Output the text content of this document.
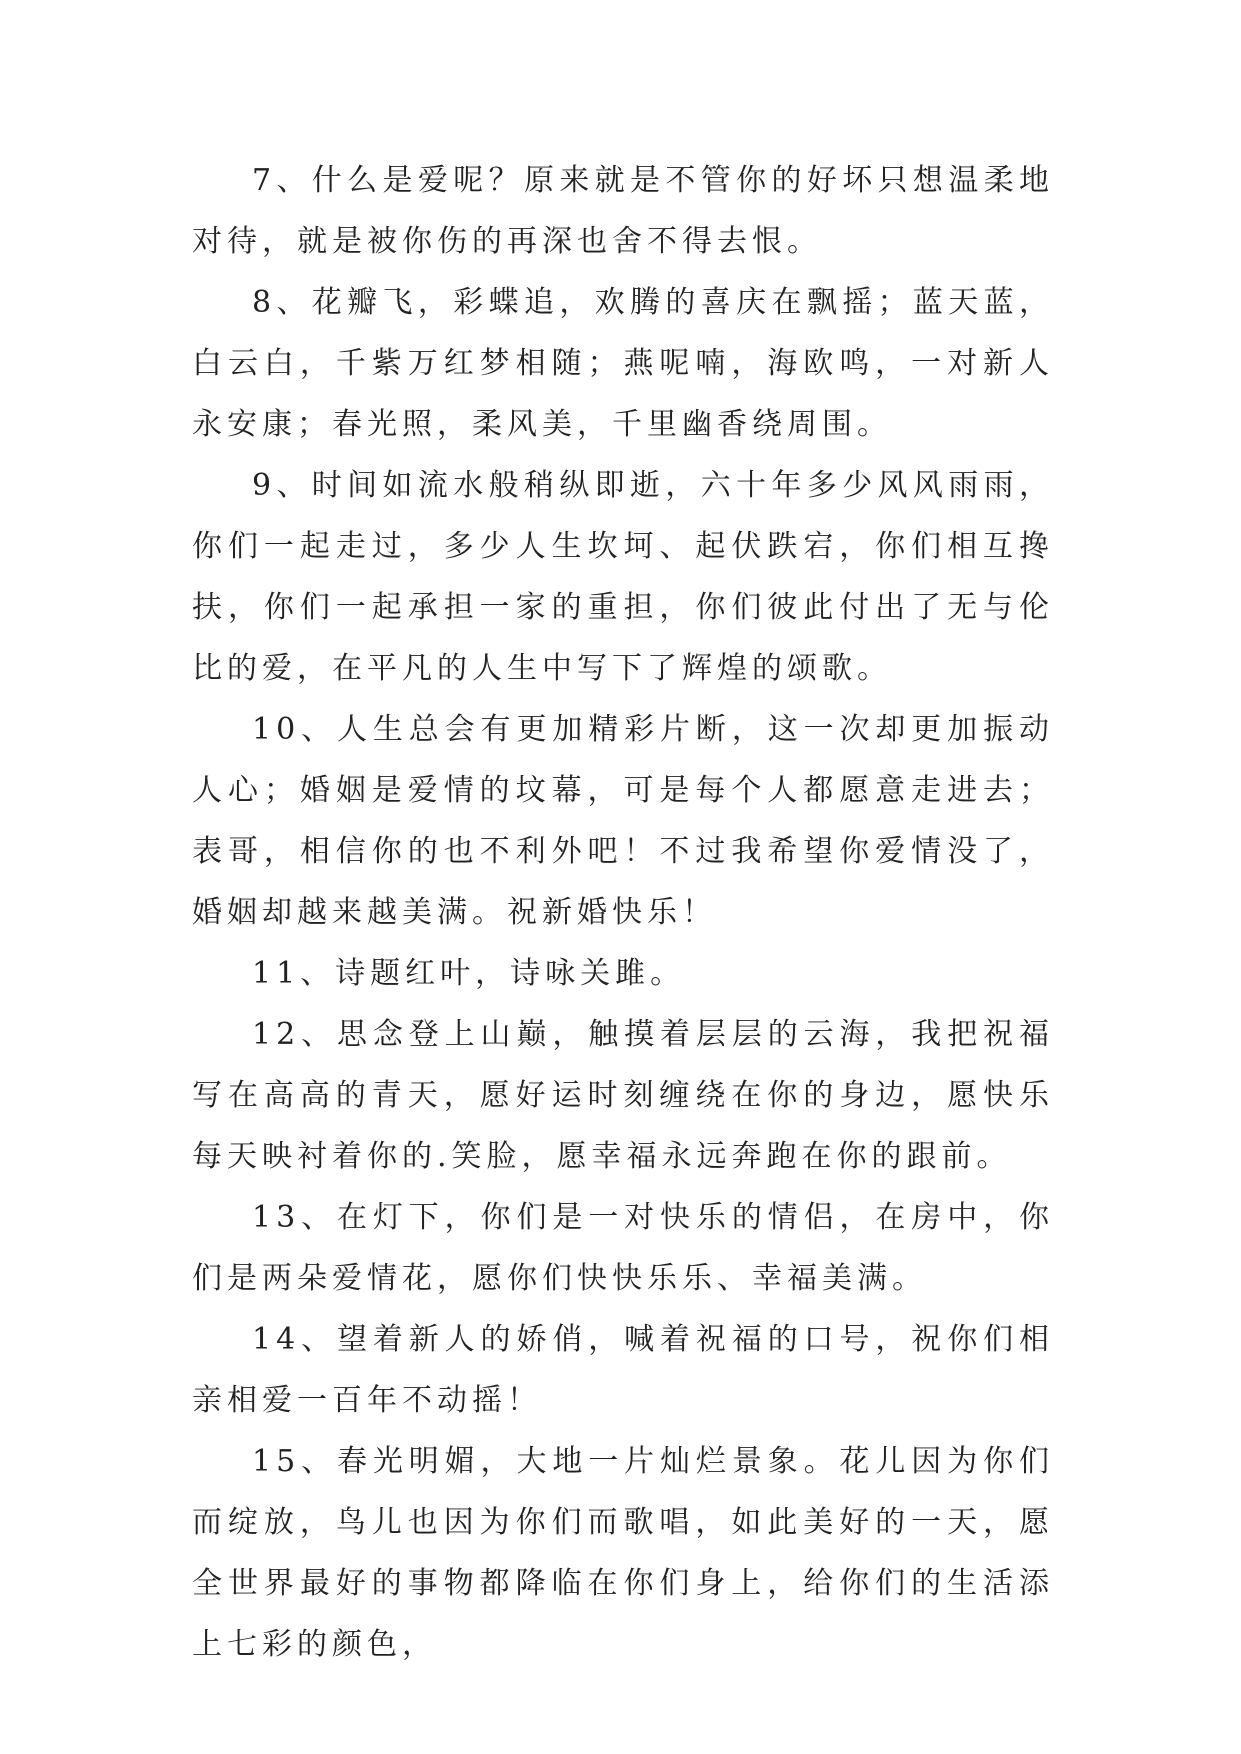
7、什么是爱呢？原来就是不管你的好坏只想温柔地对待，就是被你伤的再深也舍不得去恨。

8、花瓣飞，彩蝶追，欢腾的喜庆在飘摇；蓝天蓝，白云白，千紫万红梦相随；燕呢喃，海欧鸣，一对新人永安康；春光照，柔风美，千里幽香绕周围。

9、时间如流水般稍纵即逝，六十年多少风风雨雨，你们一起走过，多少人生坎坷、起伏跌宕，你们相互搀扶，你们一起承担一家的重担，你们彼此付出了无与伦比的爱，在平凡的人生中写下了辉煌的颂歌。

10、人生总会有更加精彩片断，这一次却更加振动人心；婚姻是爱情的坟幕，可是每个人都愿意走进去；表哥，相信你的也不利外吧！不过我希望你爱情没了，婚姻却越来越美满。祝新婚快乐！

11、诗题红叶，诗咏关雎。

12、思念登上山巅，触摸着层层的云海，我把祝福写在高高的青天，愿好运时刻缠绕在你的身边，愿快乐每天映衬着你的.笑脸，愿幸福永远奔跑在你的跟前。

13、在灯下，你们是一对快乐的情侣，在房中，你们是两朵爱情花，愿你们快快乐乐、幸福美满。

14、望着新人的娇俏，喊着祝福的口号，祝你们相亲相爱一百年不动摇！

15、春光明媚，大地一片灿烂景象。花儿因为你们而绽放，鸟儿也因为你们而歌唱，如此美好的一天，愿全世界最好的事物都降临在你们身上，给你们的生活添上七彩的颜色，
